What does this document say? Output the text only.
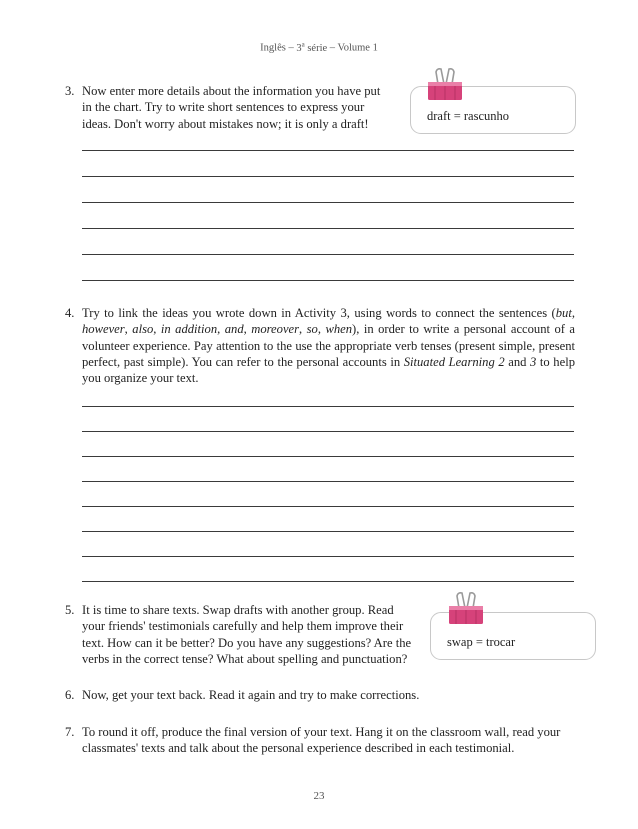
Inglês – 3$^a$ série – Volume 1
3. Now enter more details about the information you have put
in the chart. Try to write short sentences to express your
ideas. Don't worry about mistakes now; it is only a draft!
draft = rascunho
4. Try to link the ideas you wrote down in Activity 3, using words to connect the sentences (but, however, also, in addition, and, moreover, so, when), in order to write a personal account of a volunteer experience. Pay attention to the use the appropriate verb tenses (present simple, present perfect, past simple). You can refer to the personal accounts in Situated Learning 2 and 3 to help you organize your text.
5. It is time to share texts. Swap drafts with another group. Read
your friends' testimonials carefully and help them improve their
text. How can it be better? Do you have any suggestions? Are the
verbs in the correct tense? What about spelling and punctuation?
swap = trocar
6. Now, get your text back. Read it again and try to make corrections.
7. To round it off, produce the final version of your text. Hang it on the classroom wall, read your
classmates' texts and talk about the personal experience described in each testimonial.
23
